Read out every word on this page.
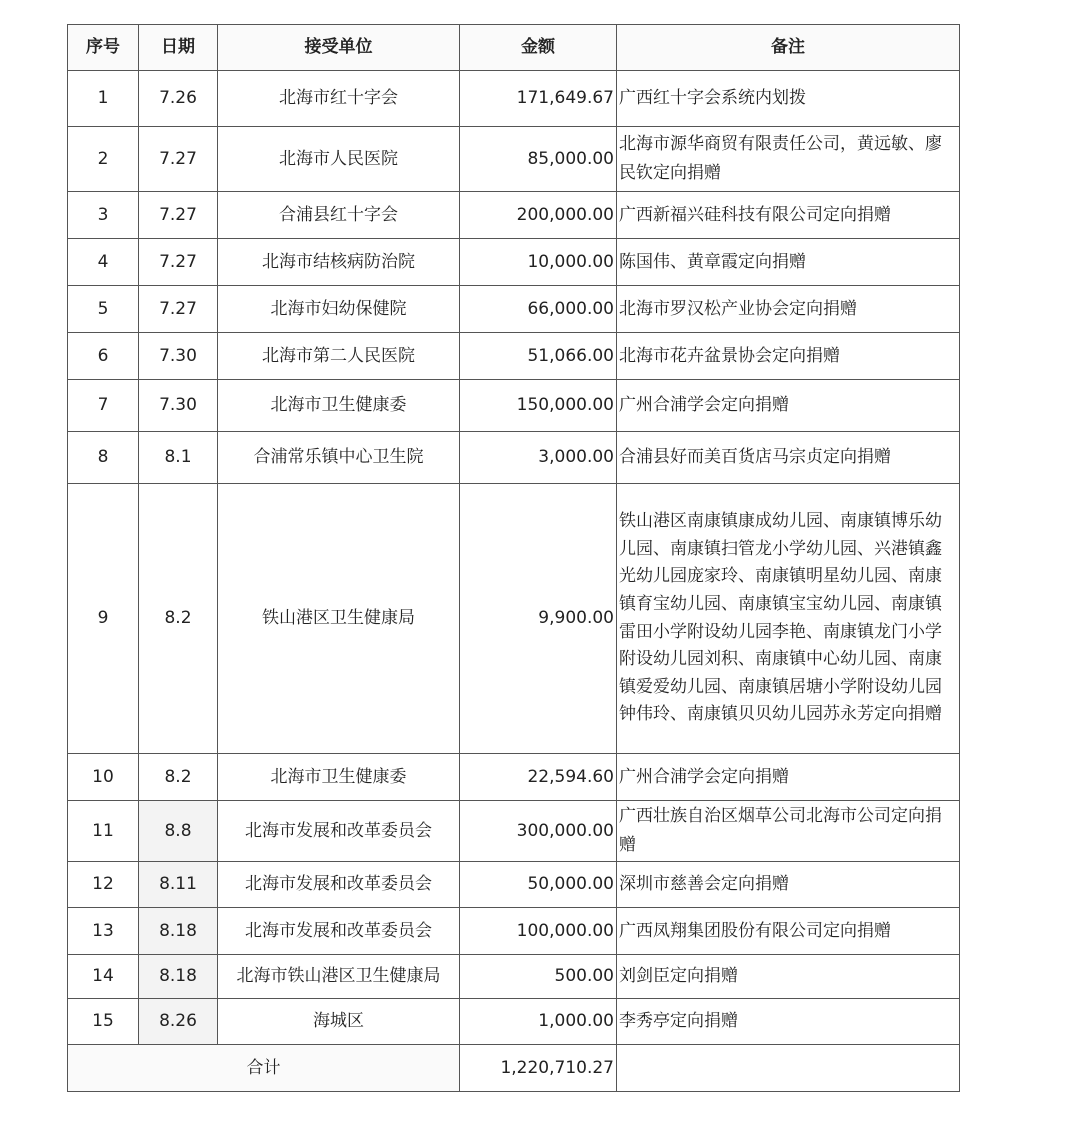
序号	日期	接受单位	金额	备注
1	7.26	北海市红十字会	171,649.67	广西红十字会系统内划拨
2	7.27	北海市人民医院	85,000.00	北海市源华商贸有限责任公司，黄远敏、廖民钦定向捐赠
3	7.27	合浦县红十字会	200,000.00	广西新福兴硅科技有限公司定向捐赠
4	7.27	北海市结核病防治院	10,000.00	陈国伟、黄章霞定向捐赠
5	7.27	北海市妇幼保健院	66,000.00	北海市罗汉松产业协会定向捐赠
6	7.30	北海市第二人民医院	51,066.00	北海市花卉盆景协会定向捐赠
7	7.30	北海市卫生健康委	150,000.00	广州合浦学会定向捐赠
8	8.1	合浦常乐镇中心卫生院	3,000.00	合浦县好而美百货店马宗贞定向捐赠
9	8.2	铁山港区卫生健康局	9,900.00	铁山港区南康镇康成幼儿园、南康镇博乐幼儿园、南康镇扫管龙小学幼儿园、兴港镇鑫光幼儿园庞家玲、南康镇明星幼儿园、南康镇育宝幼儿园、南康镇宝宝幼儿园、南康镇雷田小学附设幼儿园李艳、南康镇龙门小学附设幼儿园刘积、南康镇中心幼儿园、南康镇爱爱幼儿园、南康镇居塘小学附设幼儿园钟伟玲、南康镇贝贝幼儿园苏永芳定向捐赠
10	8.2	北海市卫生健康委	22,594.60	广州合浦学会定向捐赠
11	8.8	北海市发展和改革委员会	300,000.00	广西壮族自治区烟草公司北海市公司定向捐赠
12	8.11	北海市发展和改革委员会	50,000.00	深圳市慈善会定向捐赠
13	8.18	北海市发展和改革委员会	100,000.00	广西凤翔集团股份有限公司定向捐赠
14	8.18	北海市铁山港区卫生健康局	500.00	刘剑臣定向捐赠
15	8.26	海城区	1,000.00	李秀亭定向捐赠
合计			1,220,710.27	
